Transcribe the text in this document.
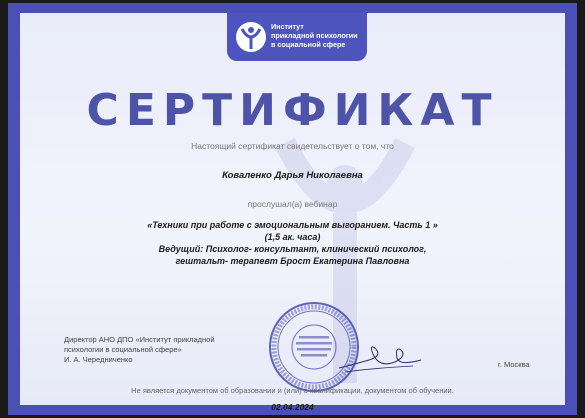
Институт
прикладной психологии
в социальной сфере
СЕРТИФИКАТ
Настоящий сертификат свидетельствует о том, что
Коваленко Дарья Николаевна
прослушал(а) вебинар
«Техники при работе с эмоциональным выгоранием. Часть 1 »
(1,5 ак. часа)
Ведущий: Психолог- консультант, клинический психолог,
гештальт- терапевт Брост Екатерина Павловна
Директор АНО ДПО «Институт прикладной
психологии в социальной сфере»
И. А. Чередниченко
г. Москва
Не является документом об образовании и (или) о квалификации, документом об обучении.
02.04.2024
